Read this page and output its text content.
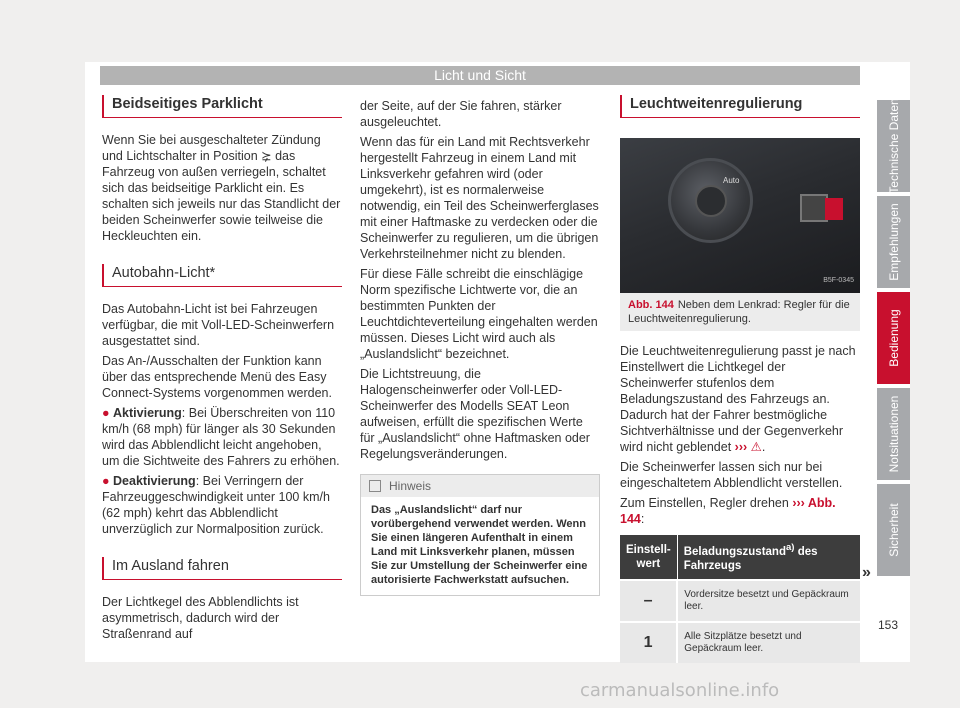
Licht und Sicht
Beidseitiges Parklicht

Wenn Sie bei ausgeschalteter Zündung und Lichtschalter in Position ⪲ das Fahrzeug von außen verriegeln, schaltet sich das beidseitige Parklicht ein. Es schalten sich jeweils nur das Standlicht der beiden Scheinwerfer sowie teilweise die Heckleuchten ein.

Autobahn-Licht*

Das Autobahn-Licht ist bei Fahrzeugen verfügbar, die mit Voll-LED-Scheinwerfern ausgestattet sind.

Das An-/Ausschalten der Funktion kann über das entsprechende Menü des Easy Connect-Systems vorgenommen werden.

● Aktivierung: Bei Überschreiten von 110 km/h (68 mph) für länger als 30 Sekunden wird das Abblendlicht leicht angehoben, um die Sichtweite des Fahrers zu erhöhen.

● Deaktivierung: Bei Verringern der Fahrzeuggeschwindigkeit unter 100 km/h (62 mph) kehrt das Abblendlicht unverzüglich zur Normalposition zurück.

Im Ausland fahren

Der Lichtkegel des Abblendlichts ist asymmetrisch, dadurch wird der Straßenrand auf

der Seite, auf der Sie fahren, stärker ausgeleuchtet.

Wenn das für ein Land mit Rechtsverkehr hergestellt Fahrzeug in einem Land mit Linksverkehr gefahren wird (oder umgekehrt), ist es normalerweise notwendig, ein Teil des Scheinwerferglases mit einer Haftmaske zu verdecken oder die Scheinwerfer zu regulieren, um die übrigen Verkehrsteilnehmer nicht zu blenden.

Für diese Fälle schreibt die einschlägige Norm spezifische Lichtwerte vor, die an bestimmten Punkten der Leuchtdichteverteilung eingehalten werden müssen. Dieses Licht wird auch als „Auslandslicht“ bezeichnet.

Die Lichtstreuung, die Halogenscheinwerfer oder Voll-LED-Scheinwerfer des Modells SEAT Leon aufweisen, erfüllt die spezifischen Werte für „Auslandslicht“ ohne Haftmasken oder Regelungsveränderungen.

Hinweis
Das „Auslandslicht“ darf nur vorübergehend verwendet werden. Wenn Sie einen längeren Aufenthalt in einem Land mit Linksverkehr planen, müssen Sie zur Umstellung der Scheinwerfer eine autorisierte Fachwerkstatt aufsuchen.
Leuchtweitenregulierung
Auto
B5F-0345
Abb. 144 Neben dem Lenkrad: Regler für die Leuchtweitenregulierung.

Die Leuchtweitenregulierung passt je nach Einstellwert die Lichtkegel der Scheinwerfer stufenlos dem Beladungszustand des Fahrzeugs an. Dadurch hat der Fahrer bestmögliche Sichtverhältnisse und der Gegenverkehr wird nicht geblendet ››› ⚠.

Die Scheinwerfer lassen sich nur bei eingeschaltetem Abblendlicht verstellen.

Zum Einstellen, Regler drehen ››› Abb. 144:

Einstell-wert	Beladungszustand$^{a)}$ des Fahrzeugs
–	Vordersitze besetzt und Gepäckraum leer.
1	Alle Sitzplätze besetzt und Gepäckraum leer.
»
Technische Daten
Empfehlungen
Bedienung
Notsituationen
Sicherheit
153
carmanualsonline.info
